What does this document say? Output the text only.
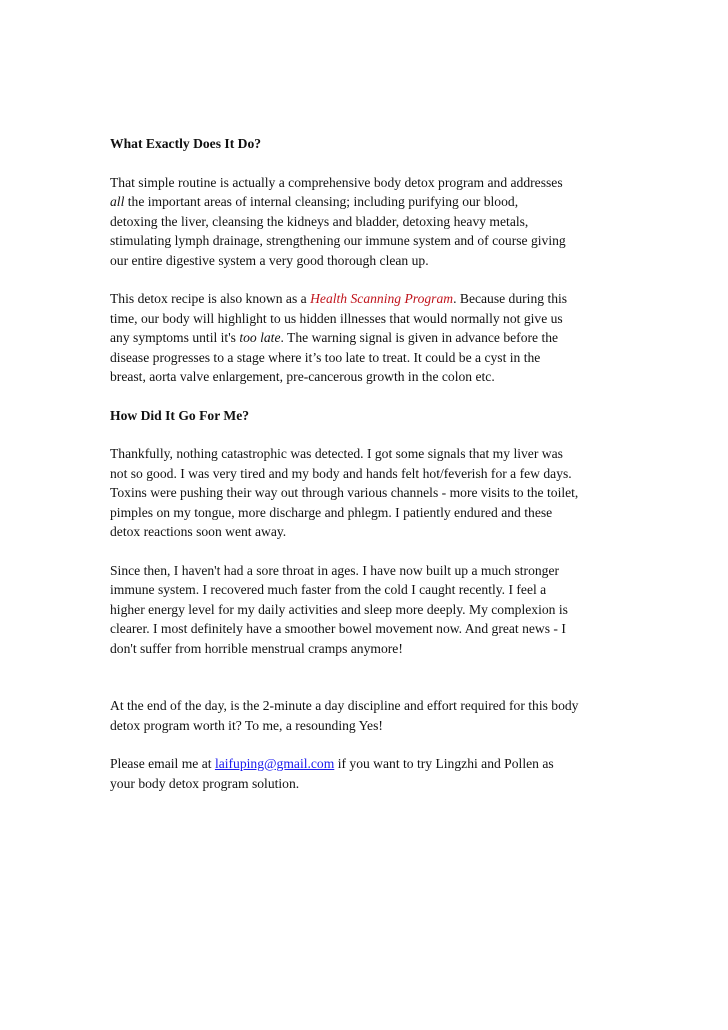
What Exactly Does It Do?

That simple routine is actually a comprehensive body detox program and addresses
all the important areas of internal cleansing; including purifying our blood,
detoxing the liver, cleansing the kidneys and bladder, detoxing heavy metals,
stimulating lymph drainage, strengthening our immune system and of course giving
our entire digestive system a very good thorough clean up.

This detox recipe is also known as a Health Scanning Program. Because during this
time, our body will highlight to us hidden illnesses that would normally not give us
any symptoms until it's too late. The warning signal is given in advance before the
disease progresses to a stage where it’s too late to treat. It could be a cyst in the
breast, aorta valve enlargement, pre-cancerous growth in the colon etc.

How Did It Go For Me?

Thankfully, nothing catastrophic was detected. I got some signals that my liver was
not so good. I was very tired and my body and hands felt hot/feverish for a few days.
Toxins were pushing their way out through various channels - more visits to the toilet,
pimples on my tongue, more discharge and phlegm. I patiently endured and these
detox reactions soon went away.

Since then, I haven't had a sore throat in ages. I have now built up a much stronger
immune system. I recovered much faster from the cold I caught recently. I feel a
higher energy level for my daily activities and sleep more deeply. My complexion is
clearer. I most definitely have a smoother bowel movement now. And great news - I
don't suffer from horrible menstrual cramps anymore!

At the end of the day, is the 2-minute a day discipline and effort required for this body
detox program worth it? To me, a resounding Yes!

Please email me at laifuping@gmail.com if you want to try Lingzhi and Pollen as
your body detox program solution.
